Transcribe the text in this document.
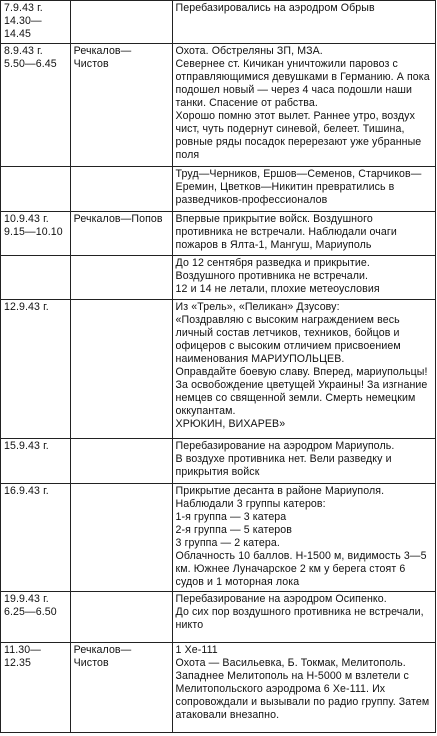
7.9.43 г.
14.30—
14.45		Перебазировались на аэродром Обрыв
8.9.43 г.
5.50—6.45	Речкалов—
Чистов	Охота. Обстреляны ЗП, МЗА.
Севернее ст. Кичикан уничтожили паровоз с отправляющимися девушками в Германию. А пока подошел новый — через 4 часа подошли наши танки. Спасение от рабства.
Хорошо помню этот вылет. Раннее утро, воздух чист, чуть подернут синевой, белеет. Тишина, ровные ряды посадок перерезают уже убранные поля
		Труд—Черников, Ершов—Семенов, Старчиков—Еремин, Цветков—Никитин превратились в разведчиков-профессионалов
10.9.43 г.
9.15—10.10	Речкалов—Попов	Впервые прикрытие войск. Воздушного противника не встречали. Наблюдали очаги пожаров в Ялта-1, Мангуш, Мариуполь
		До 12 сентября разведка и прикрытие.
Воздушного противника не встречали.
12 и 14 не летали, плохие метеоусловия
12.9.43 г.		Из «Трель», «Пеликан» Дзусову:
«Поздравляю с высоким награждением весь личный состав летчиков, техников, бойцов и офицеров с высоким отличием присвоением наименования МАРИУПОЛЬЦЕВ.
Оправдайте боевую славу. Вперед, мариупольцы! За освобождение цветущей Украины! За изгнание немцев со священной земли. Смерть немецким оккупантам.
ХРЮКИН, ВИХАРЕВ»
15.9.43 г.		Перебазирование на аэродром Мариуполь.
В воздухе противника нет. Вели разведку и прикрытия войск
16.9.43 г.		Прикрытие десанта в районе Мариуполя. Наблюдали 3 группы катеров:
1-я группа — 3 катера
2-я группа — 5 катеров
3 группа — 2 катера.
Облачность 10 баллов. Н-1500 м, видимость 3—5 км. Южнее Луначарское 2 км у берега стоят 6 судов и 1 моторная лока
19.9.43 г.
6.25—6.50		Перебазирование на аэродром Осипенко.
До сих пор воздушного противника не встречали, никто
11.30—
12.35	Речкалов—
Чистов	1 Хе-111
Охота — Васильевка, Б. Токмак, Мелитополь.
Западнее Мелитополь на Н-5000 м взлетели с Мелитопольского аэродрома 6 Хе-111. Их сопровождали и вызывали по радио группу. Затем атаковали внезапно.
